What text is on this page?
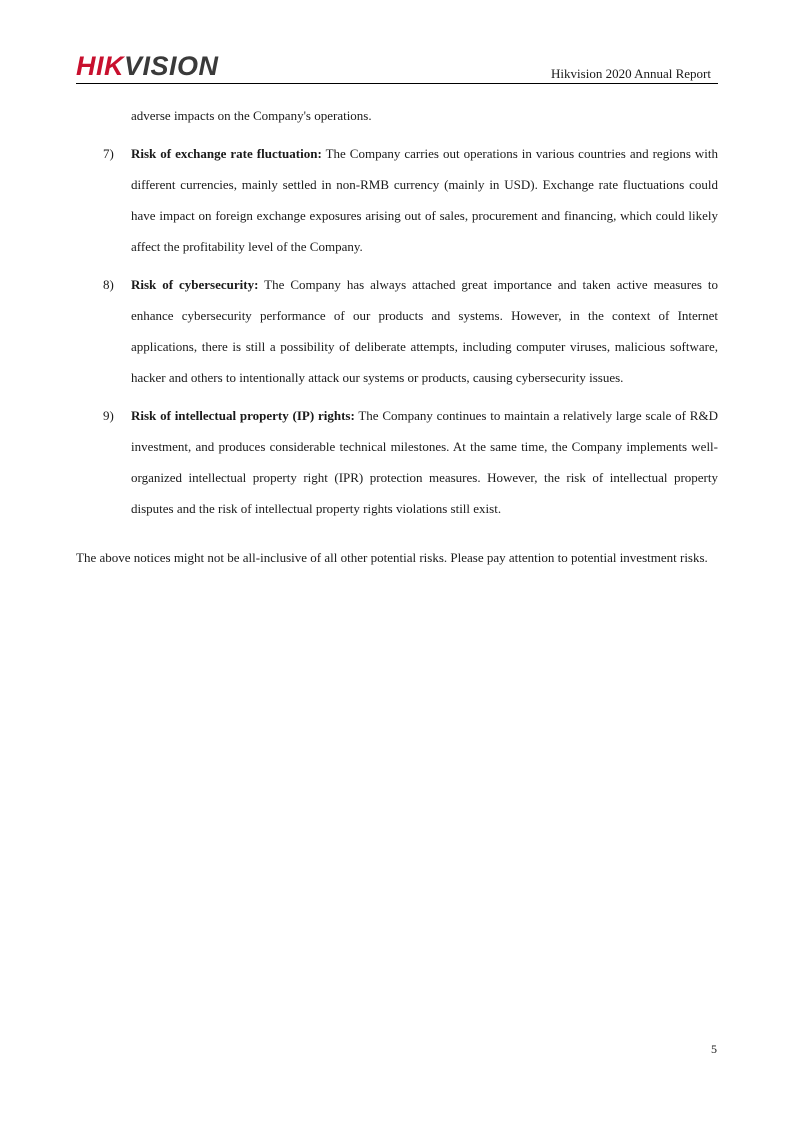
HIKVISION	Hikvision 2020 Annual Report

adverse impacts on the Company's operations.

7) Risk of exchange rate fluctuation: The Company carries out operations in various countries and regions with different currencies, mainly settled in non-RMB currency (mainly in USD). Exchange rate fluctuations could have impact on foreign exchange exposures arising out of sales, procurement and financing, which could likely affect the profitability level of the Company.

8) Risk of cybersecurity: The Company has always attached great importance and taken active measures to enhance cybersecurity performance of our products and systems. However, in the context of Internet applications, there is still a possibility of deliberate attempts, including computer viruses, malicious software, hacker and others to intentionally attack our systems or products, causing cybersecurity issues.

9) Risk of intellectual property (IP) rights: The Company continues to maintain a relatively large scale of R&D investment, and produces considerable technical milestones. At the same time, the Company implements well-organized intellectual property right (IPR) protection measures. However, the risk of intellectual property disputes and the risk of intellectual property rights violations still exist.

The above notices might not be all-inclusive of all other potential risks. Please pay attention to potential investment risks.

5
